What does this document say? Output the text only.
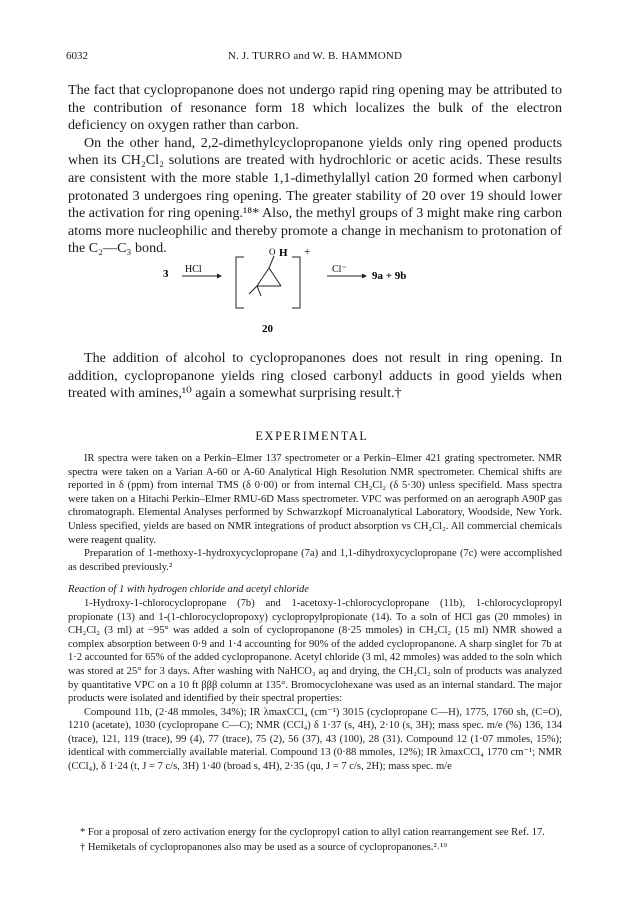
6032	N. J. TURRO and W. B. HAMMOND

The fact that cyclopropanone does not undergo rapid ring opening may be attributed to the contribution of resonance form 18 which localizes the bulk of the electron deficiency on oxygen rather than carbon.

On the other hand, 2,2-dimethylcyclopropanone yields only ring opened products when its CH₂Cl₂ solutions are treated with hydrochloric or acetic acids. These results are consistent with the more stable 1,1-dimethylallyl cation 20 formed when carbonyl protonated 3 undergoes ring opening. The greater stability of 20 over 19 should lower the activation for ring opening.¹⁸* Also, the methyl groups of 3 might make ring carbon atoms more nucleophilic and thereby promote a change in mechanism to protonation of the C₂—C₃ bond.

3 HCl
O H +
Cl⁻
9a + 9b
20

The addition of alcohol to cyclopropanones does not result in ring opening. In addition, cyclopropanone yields ring closed carbonyl adducts in good yields when treated with amines,¹⁰ again a somewhat surprising result.†

EXPERIMENTAL

IR spectra were taken on a Perkin–Elmer 137 spectrometer or a Perkin–Elmer 421 grating spectrometer. NMR spectra were taken on a Varian A-60 or A-60 Analytical High Resolution NMR spectrometer. Chemical shifts are reported in δ (ppm) from internal TMS (δ 0·00) or from internal CH₂Cl₂ (δ 5·30) unless specifield. Mass spectra were taken on a Hitachi Perkin–Elmer RMU-6D Mass spectrometer. VPC was performed on an aerograph A90P gas chromatograph. Elemental Analyses performed by Schwarzkopf Microanalytical Laboratory, Woodside, New York. Unless specified, yields are based on NMR integrations of product absorption vs CH₂Cl₂. All commercial chemicals were reagent quality.

Preparation of 1-methoxy-1-hydroxycyclopropane (7a) and 1,1-dihydroxycyclopropane (7c) were accomplished as described previously.²

Reaction of 1 with hydrogen chloride and acetyl chloride

1-Hydroxy-1-chlorocyclopropane (7b) and 1-acetoxy-1-chlorocyclopropane (11b), 1-chlorocyclopropyl propionate (13) and 1-(1-chlorocyclopropoxy) cyclopropylpropionate (14). To a soln of HCl gas (20 mmoles) in CH₂Cl₂ (3 ml) at −95° was added a soln of cyclopropanone (8·25 mmoles) in CH₂Cl₂ (15 ml) NMR showed a complex absorption between 0·9 and 1·4 accounting for 90% of the added cyclopropanone. A sharp singlet for 7b at 1·2 accounted for 65% of the added cyclopropanone. Acetyl chloride (3 ml, 42 mmoles) was added to the soln which was stored at 25° for 3 days. After washing with NaHCO₃ aq and drying, the CH₂Cl₂ soln of products was analyzed by quantitative VPC on a 10 ft βββ column at 135°. Bromocyclohexane was used as an internal standard. The major products were isolated and identified by their spectral properties:

Compound 11b, (2·48 mmoles, 34%); IR λmaxCCl₄ (cm⁻¹) 3015 (cyclopropane C—H), 1775, 1760 sh, (C=O), 1210 (acetate), 1030 (cyclopropane C—C); NMR (CCl₄) δ 1·37 (s, 4H), 2·10 (s, 3H); mass spec. m/e (%) 136, 134 (trace), 121, 119 (trace), 99 (4), 77 (trace), 75 (2), 56 (37), 43 (100), 28 (31). Compound 12 (1·07 mmoles, 15%); identical with commercially available material. Compound 13 (0·88 mmoles, 12%); IR λmaxCCl₄ 1770 cm⁻¹; NMR (CCl₄), δ 1·24 (t, J = 7 c/s, 3H) 1·40 (broad s, 4H), 2·35 (qu, J = 7 c/s, 2H); mass spec. m/e

* For a proposal of zero activation energy for the cyclopropyl cation to allyl cation rearrangement see Ref. 17.

† Hemiketals of cyclopropanones also may be used as a source of cyclopropanones.²˒¹⁹
